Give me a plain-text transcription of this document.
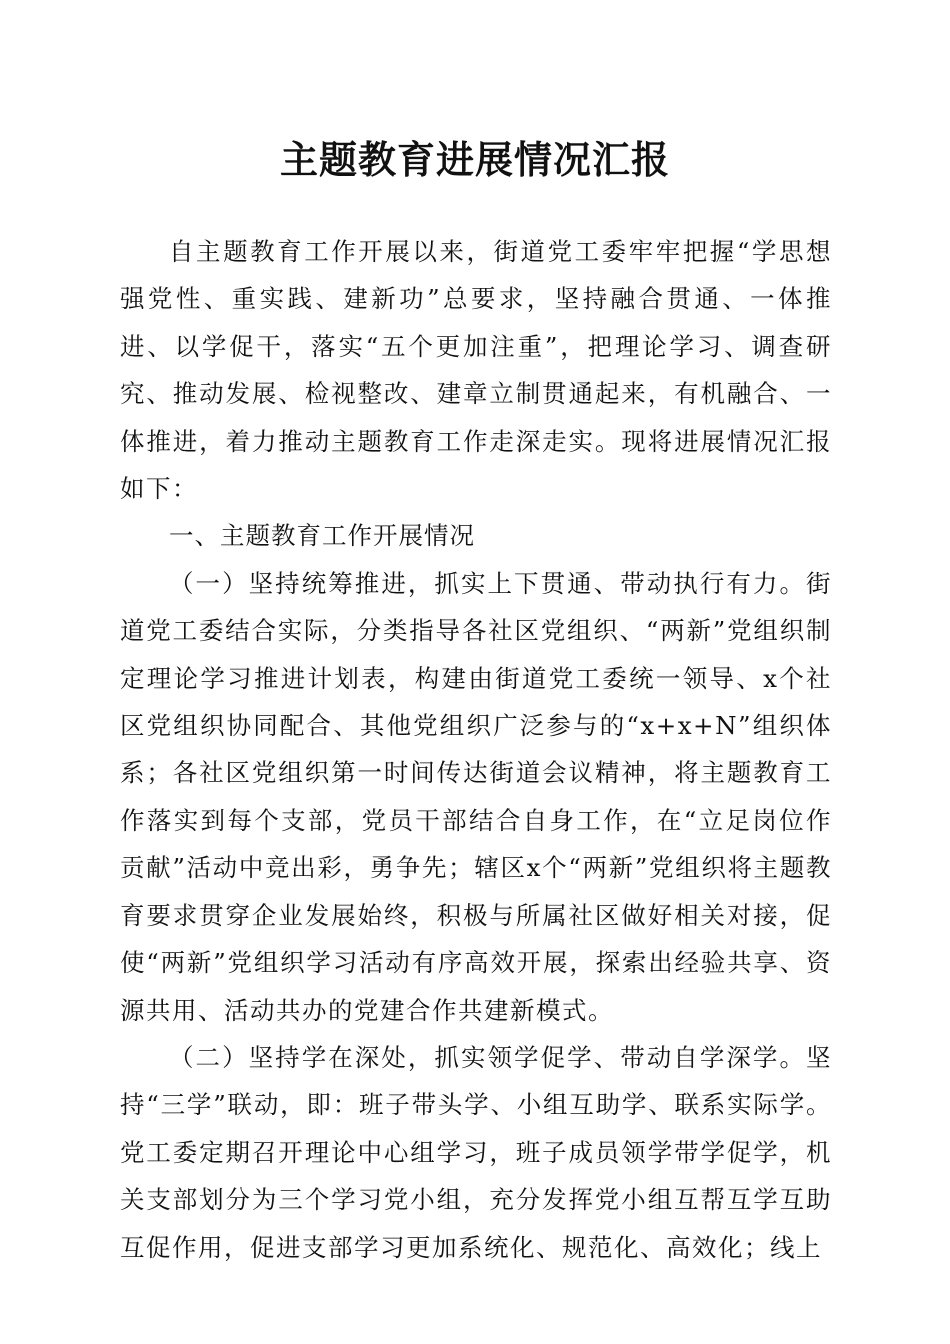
主题教育进展情况汇报

自主题教育工作开展以来，街道党工委牢牢把握“学思想强党性、重实践、建新功”总要求，坚持融合贯通、一体推进、以学促干，落实“五个更加注重”，把理论学习、调查研究、推动发展、检视整改、建章立制贯通起来，有机融合、一体推进，着力推动主题教育工作走深走实。现将进展情况汇报如下：

一、主题教育工作开展情况

（一）坚持统筹推进，抓实上下贯通、带动执行有力。街道党工委结合实际，分类指导各社区党组织、“两新”党组织制定理论学习推进计划表，构建由街道党工委统一领导、x个社区党组织协同配合、其他党组织广泛参与的“x+x+N”组织体系；各社区党组织第一时间传达街道会议精神，将主题教育工作落实到每个支部，党员干部结合自身工作，在“立足岗位作贡献”活动中竞出彩，勇争先；辖区x个“两新”党组织将主题教育要求贯穿企业发展始终，积极与所属社区做好相关对接，促使“两新”党组织学习活动有序高效开展，探索出经验共享、资源共用、活动共办的党建合作共建新模式。

（二）坚持学在深处，抓实领学促学、带动自学深学。坚持“三学”联动，即：班子带头学、小组互助学、联系实际学。党工委定期召开理论中心组学习，班子成员领学带学促学，机关支部划分为三个学习党小组，充分发挥党小组互帮互学互助互促作用，促进支部学习更加系统化、规范化、高效化；线上
